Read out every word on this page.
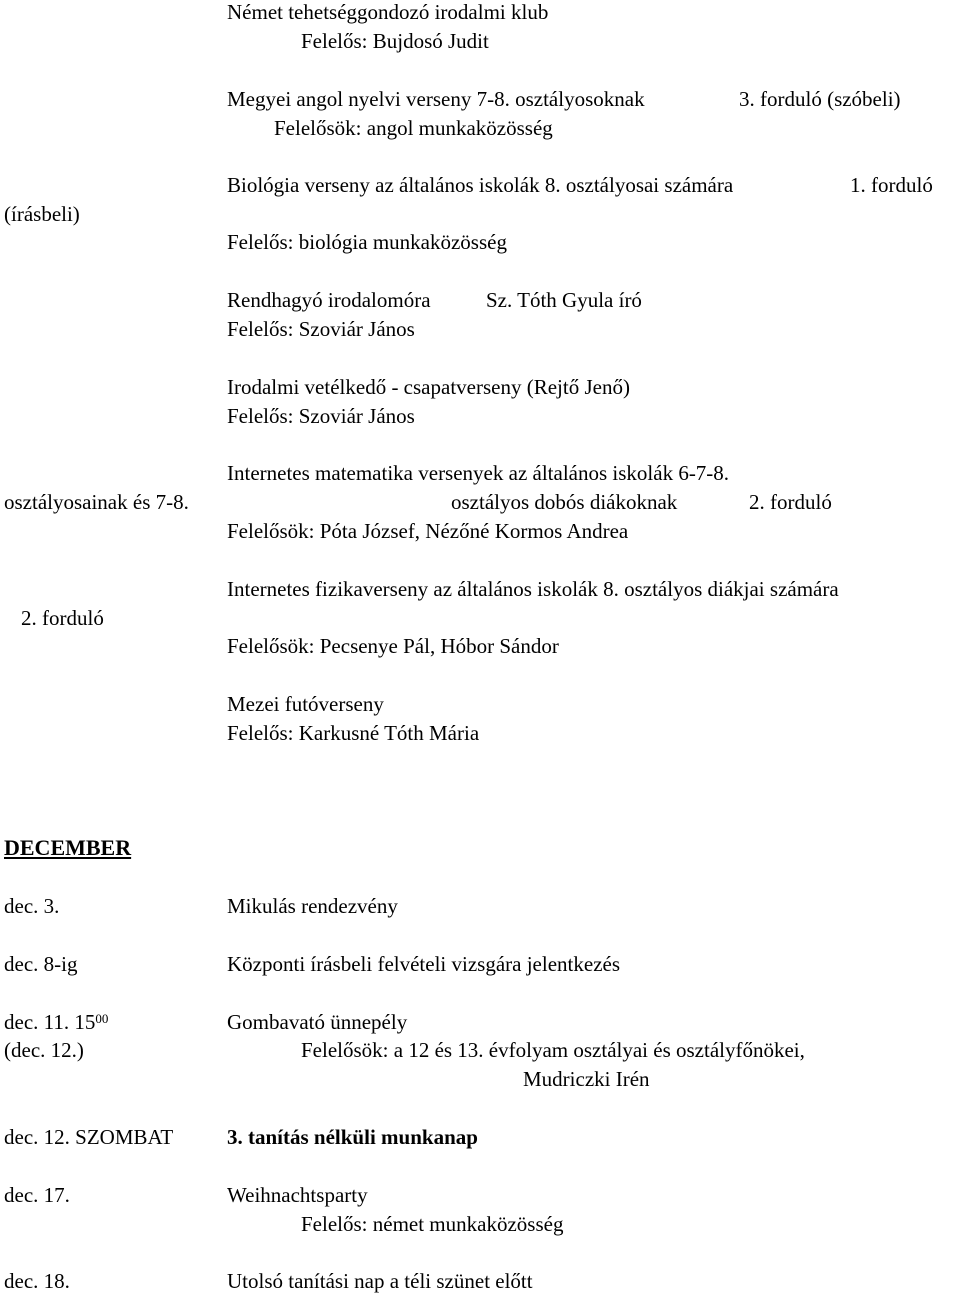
Német tehetséggondozó irodalmi klub
Felelős: Bujdosó Judit
Megyei angol nyelvi verseny 7-8. osztályosoknak	3. forduló (szóbeli)
Felelősök: angol munkaközösség
(írásbeli)
Biológia verseny az általános iskolák 8. osztályosai számára	1. forduló
Felelős: biológia munkaközösség
Rendhagyó irodalomóra	Sz. Tóth Gyula író
Felelős: Szoviár János
Irodalmi vetélkedő - csapatverseny (Rejtő Jenő)
Felelős: Szoviár János
Internetes matematika versenyek az általános iskolák 6-7-8.
osztályosainak és 7-8.	osztályos dobós diákoknak	2. forduló
Felelősök: Póta József, Nézőné Kormos Andrea
Internetes fizikaverseny az általános iskolák 8. osztályos diákjai számára
2. forduló
Felelősök: Pecsenye Pál, Hóbor Sándor
Mezei futóverseny
Felelős: Karkusné Tóth Mária
DECEMBER
dec. 3.	Mikulás rendezvény
dec. 8-ig	Központi írásbeli felvételi vizsgára jelentkezés
dec. 11. $15^{00}$	Gombavató ünnepély
(dec. 12.)	Felelősök: a 12 és 13. évfolyam osztályai és osztályfőnökei,
Mudriczki Irén
dec. 12. SZOMBAT	3. tanítás nélküli munkanap
dec. 17.	Weihnachtsparty
Felelős: német munkaközösség
dec. 18.	Utolsó tanítási nap a téli szünet előtt
